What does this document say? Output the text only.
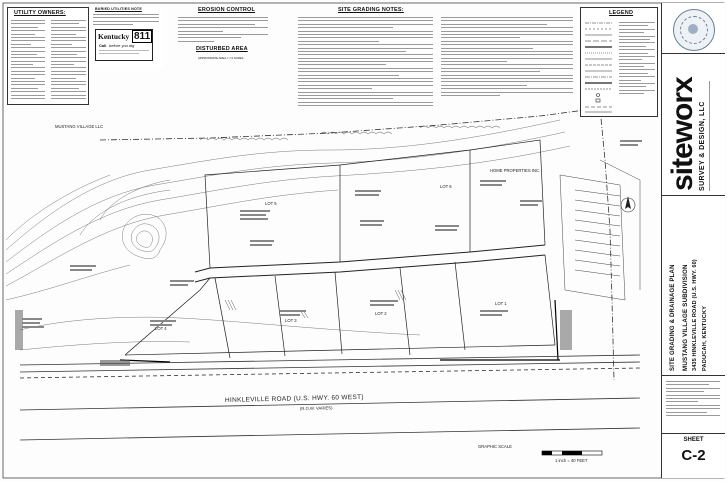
LOT 1
LOT 2
LOT 3
LOT 4
LOT 5
LOT 6
MUSTANG VILLAGE LLC
HOME PROPERTIES INC.
HINKLEVILLE ROAD (U.S. HWY. 60 WEST)
(R.O.W. VARIES)
GRAPHIC SCALE
1 inch = 40 FEET
UTILITY OWNERS:
BURIED UTILITIES NOTE
Kentucky 811
Call before you dig
EROSION CONTROL
DISTURBED AREA
APPROXIMATE AREA = 7.0 ACRES
SITE GRADING NOTES:	LEGEND
siteworx SURVEY & DESIGN, LLC
SITE GRADING & DRAINAGE PLAN MUSTANG VILLAGE SUBDIVISION 3435 HINKLEVILLE ROAD (U.S. HWY. 60) PADUCAH, KENTUCKY
SHEET
C-2
